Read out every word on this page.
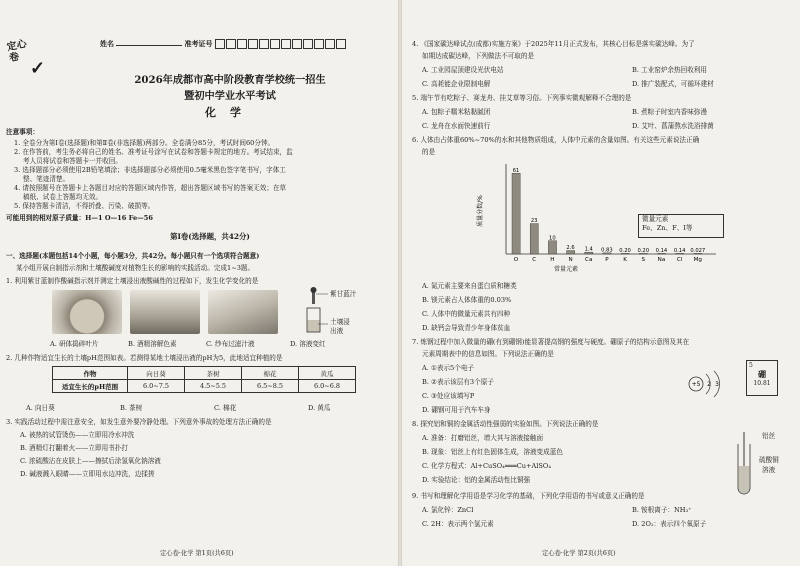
定心卷
✓
姓名	准考证号
2026年成都市高中阶段教育学校统一招生
暨初中学业水平考试
化学
注意事项：
1. 全卷分为第Ⅰ卷(选择题)和第Ⅱ卷(非选择题)两部分。全卷满分85分，考试时间60分钟。
2. 在作答前，考生务必将自己的姓名、准考证号涂写在试卷和答题卡规定的地方。考试结束，监
考人员将试卷和答题卡一并收回。
3. 选择题部分必须使用2B铅笔填涂；非选择题部分必须使用0.5毫米黑色签字笔书写，字体工
整、笔迹清楚。
4. 请按照题号在答题卡上各题目对应的答题区域内作答，超出答题区域书写的答案无效；在草
稿纸、试卷上答题均无效。
5. 保持答题卡清洁，不得折叠、污染、破损等。
可能用到的相对原子质量：H—1 O—16 Fe—56
第Ⅰ卷(选择题，共42分)
一、选择题(本题包括14个小题，每小题3分，共42分。每小题只有一个选项符合题意)
某小组开展自制指示剂和土壤酸碱度对植物生长的影响的实践活动。完成1~3题。
1. 利用紫甘蓝制作酸碱指示剂并测定土壤浸出液酸碱性的过程如下，发生化学变化的是
紫甘蓝汁
土壤浸
出液
A. 研体捣碎叶片	B. 酒精溶解色素	C. 纱布过滤汁液	D. 溶液变红
2. 几种作物适宜生长的土壤pH范围如表。若测得某地土壤浸出液的pH为5，此地适宜种植的是
作物	向日葵	茶树	棉花	黄瓜
适宜生长的pH范围	6.0~7.5	4.5~5.5	6.5~8.5	6.0~6.8
A. 向日葵	B. 茶树	C. 棉花	D. 黄瓜
3. 实践活动过程中需注意安全，如发生意外要冷静处理。下列意外事故的处理方法正确的是
A. 被热的试管烫伤——立即用冷水冲洗
B. 酒精灯打翻着火——立即用书扑打
C. 浓硫酸沾在皮肤上——擦拭后涂氢氧化钠溶液
D. 碱液溅入眼睛——立即用水边冲洗，边揉搓
定心卷·化学 第1页(共6页)
4. 《国家碳达峰试点(成都)实施方案》于2025年11月正式发布，其核心目标是落实碳达峰。为了
如期达成碳达峰，下列做法不可取的是
A. 工业园屋顶建设光伏电站	B. 工业窑炉余热回收利用
C. 高耗能企业限制电解	D. 推广装配式，可循环建材
5. 端午节有吃粽子、赛龙舟、挂艾草等习俗。下列事实微观解释不合理的是
A. 包粽子糯米粘黏腻团	B. 煮粽子时室内香味弥漫
C. 龙舟在水面快速前行	D. 艾叶、菖蒲熬水洗浴排菌
6. 人体由占体重60%~70%的水和其他物质组成，人体中元素的含量如图。有关这些元素说法正确
的是
质量分数/%
常量元素
61
O
23
C
10
H
2.6
N
1.4
Ca
0.83
P
0.20
K
0.20
S
0.14
Na
0.14
Cl
0.027
Mg
微量元素
Fe、Zn、F、I等
A. 氮元素主要来自蛋白质和糖类
B. 镁元素占人体体重的0.03%
C. 人体中的微量元素共有四种
D. 缺钙会导致青少年身体贫血
7. 炼钢过程中加入微量的硼(有到硼钢)能显著提高钢的强度与硬度。硼原子的结构示意图及其在
元素周期表中的信息如图。下列说法正确的是
A. ①表示5个电子
B. ②表示该层有3个原子
C. ③处应该填写P
D. 硼钢可用于汽车车身
+5 2 3
5
硼
10.81
8. 探究铝和铜的金属活动性强弱的实验如图。下列说法正确的是
A. 准备：打磨铝丝，增大其与溶液接触面
B. 现象：铝丝上有红色固体生成，溶液变成蓝色
C. 化学方程式：Al+CuSO₄═══Cu+AlSO₄
D. 实验结论：铝的金属活动性比铜强
铝丝
硫酸铜
溶液
9. 书写和理解化学用语是学习化学的基础，下列化学用语的书写或意义正确的是
A. 氯化锌：ZnCl	B. 铵根离子：NH₃⁺
C. 2H：表示两个氢元素	D. 2O₂：表示四个氧原子
定心卷·化学 第2页(共6页)
